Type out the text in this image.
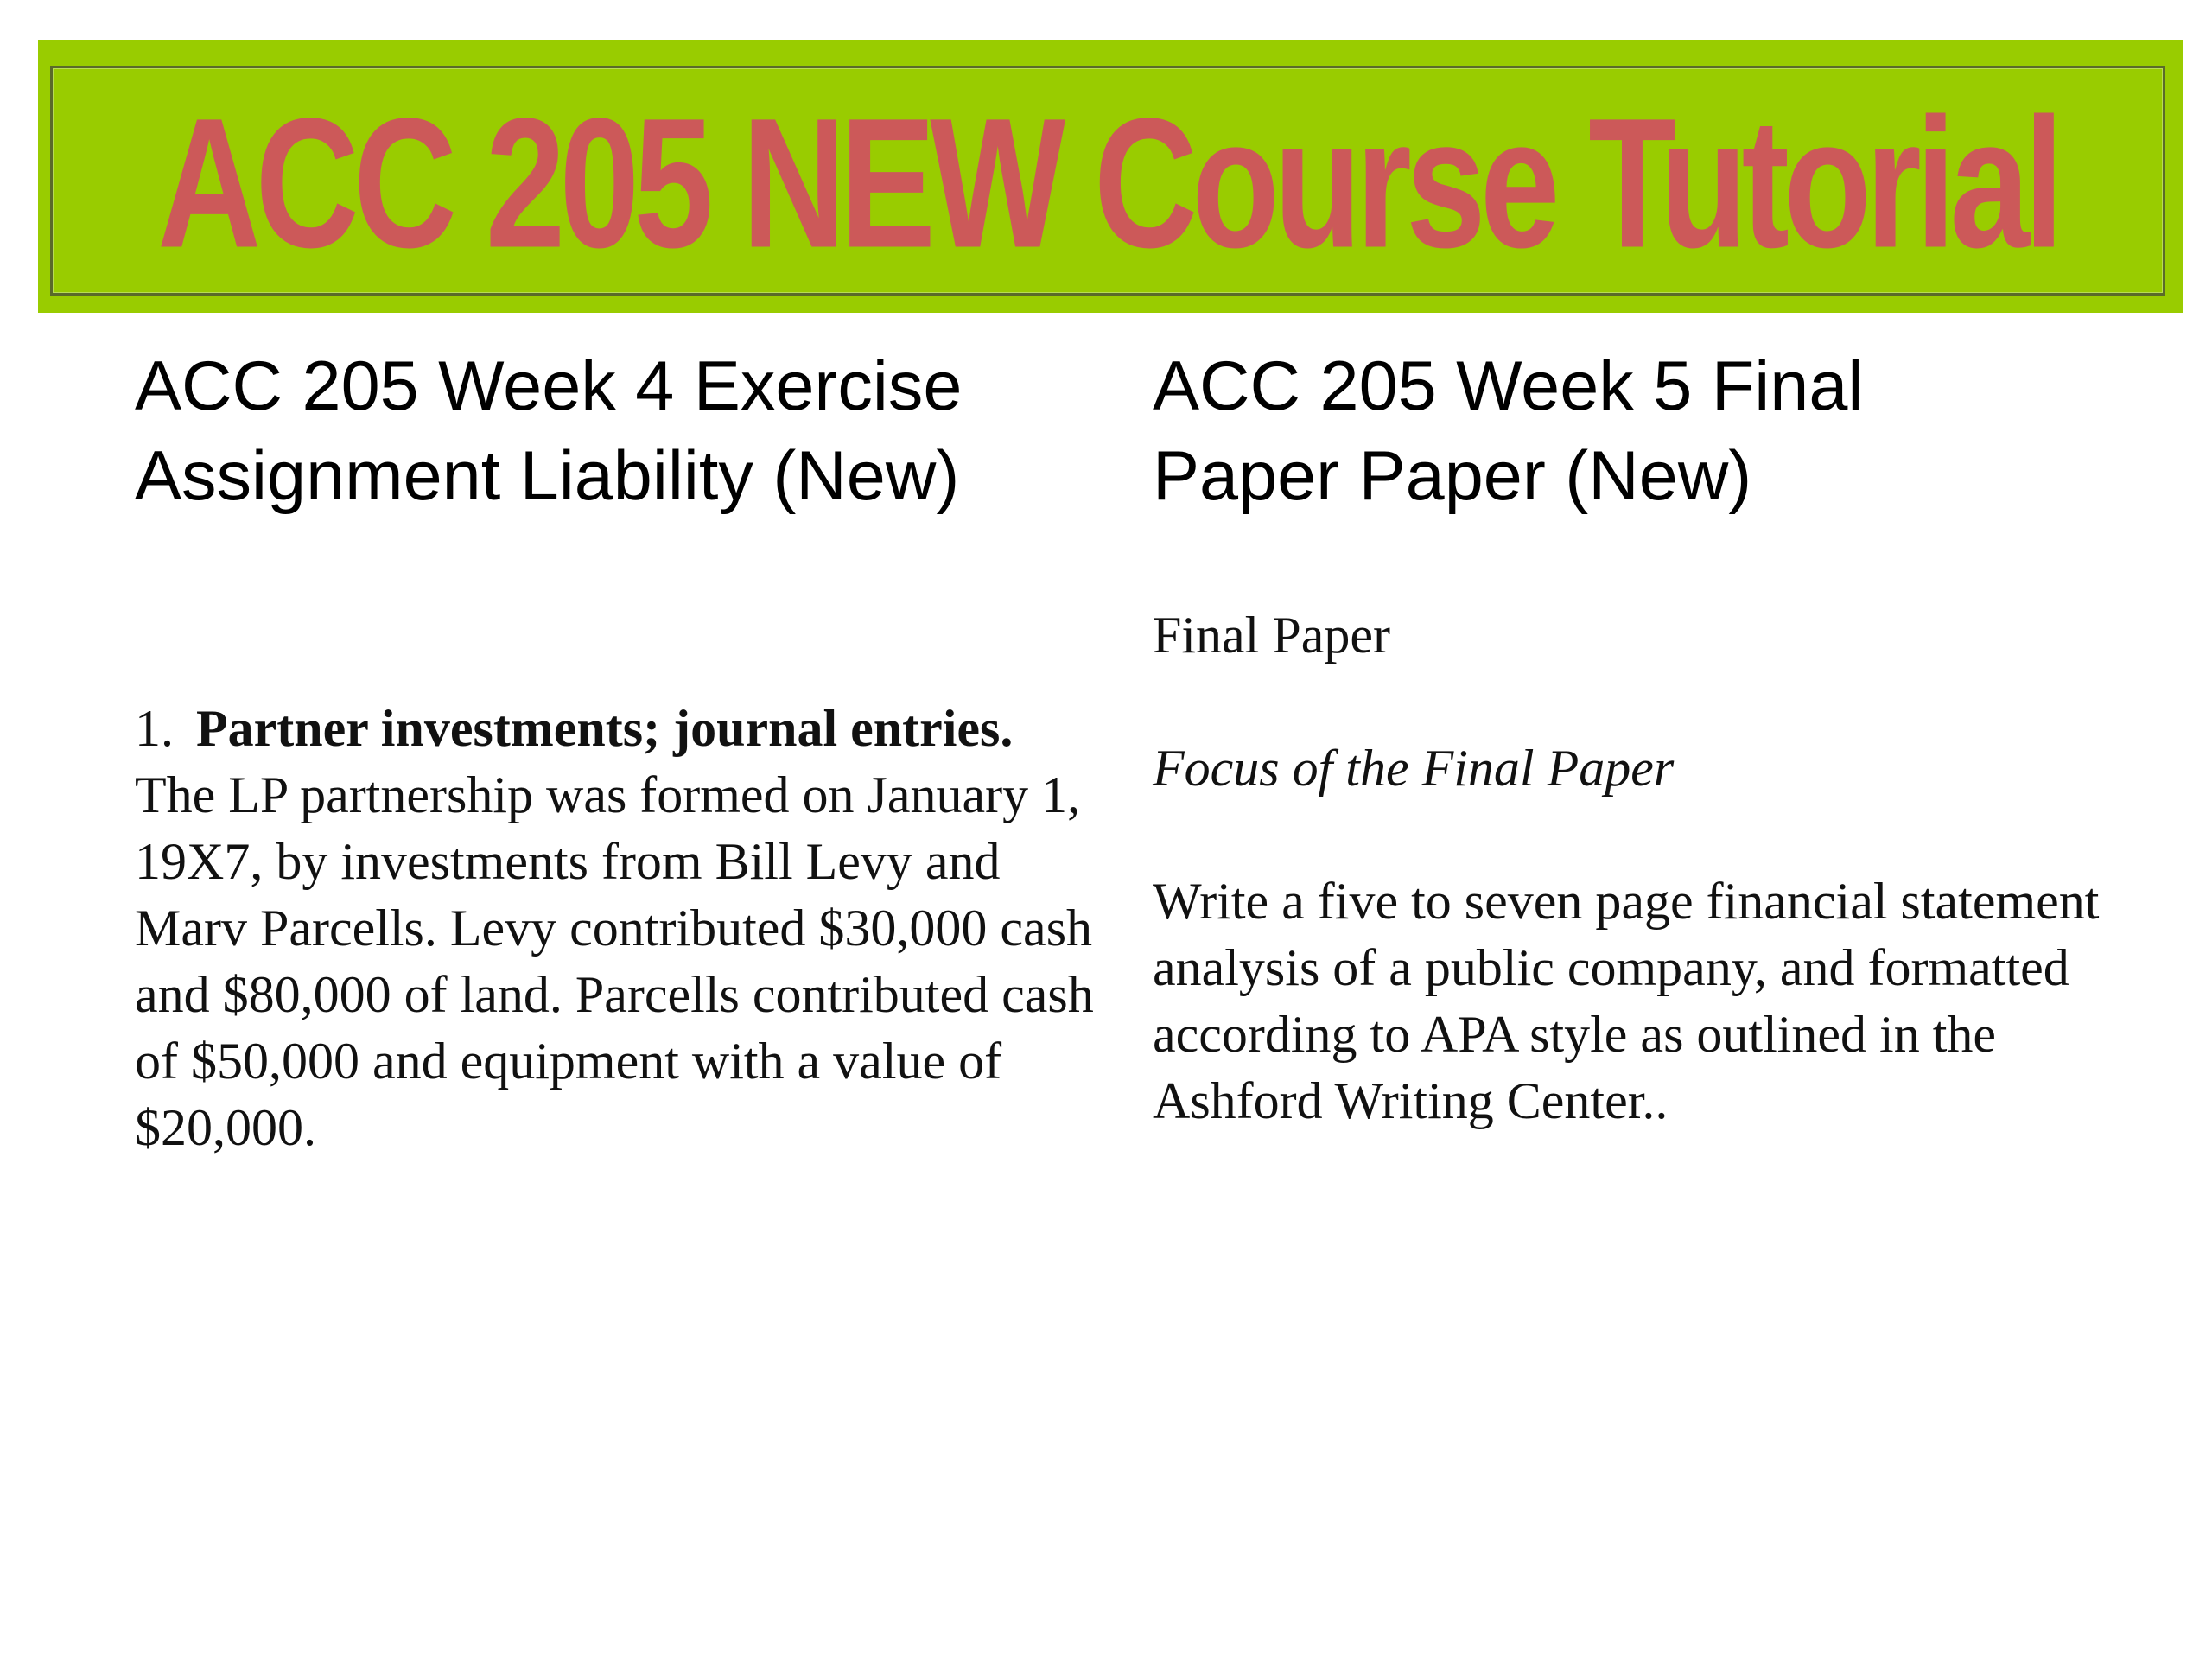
ACC 205 NEW Course Tutorial
ACC 205 Week 4 Exercise
Assignment Liability (New)

1. Partner investments; journal entries. The LP partnership was formed on January 1, 19X7, by investments from Bill Levy and Marv Parcells. Levy contributed $30,000 cash and $80,000 of land. Parcells contributed cash of $50,000 and equipment with a value of $20,000.

ACC 205 Week 5 Final
Paper Paper (New)

Final Paper

Focus of the Final Paper

Write a five to seven page financial statement analysis of a public company, and formatted according to APA style as outlined in the Ashford Writing Center..
